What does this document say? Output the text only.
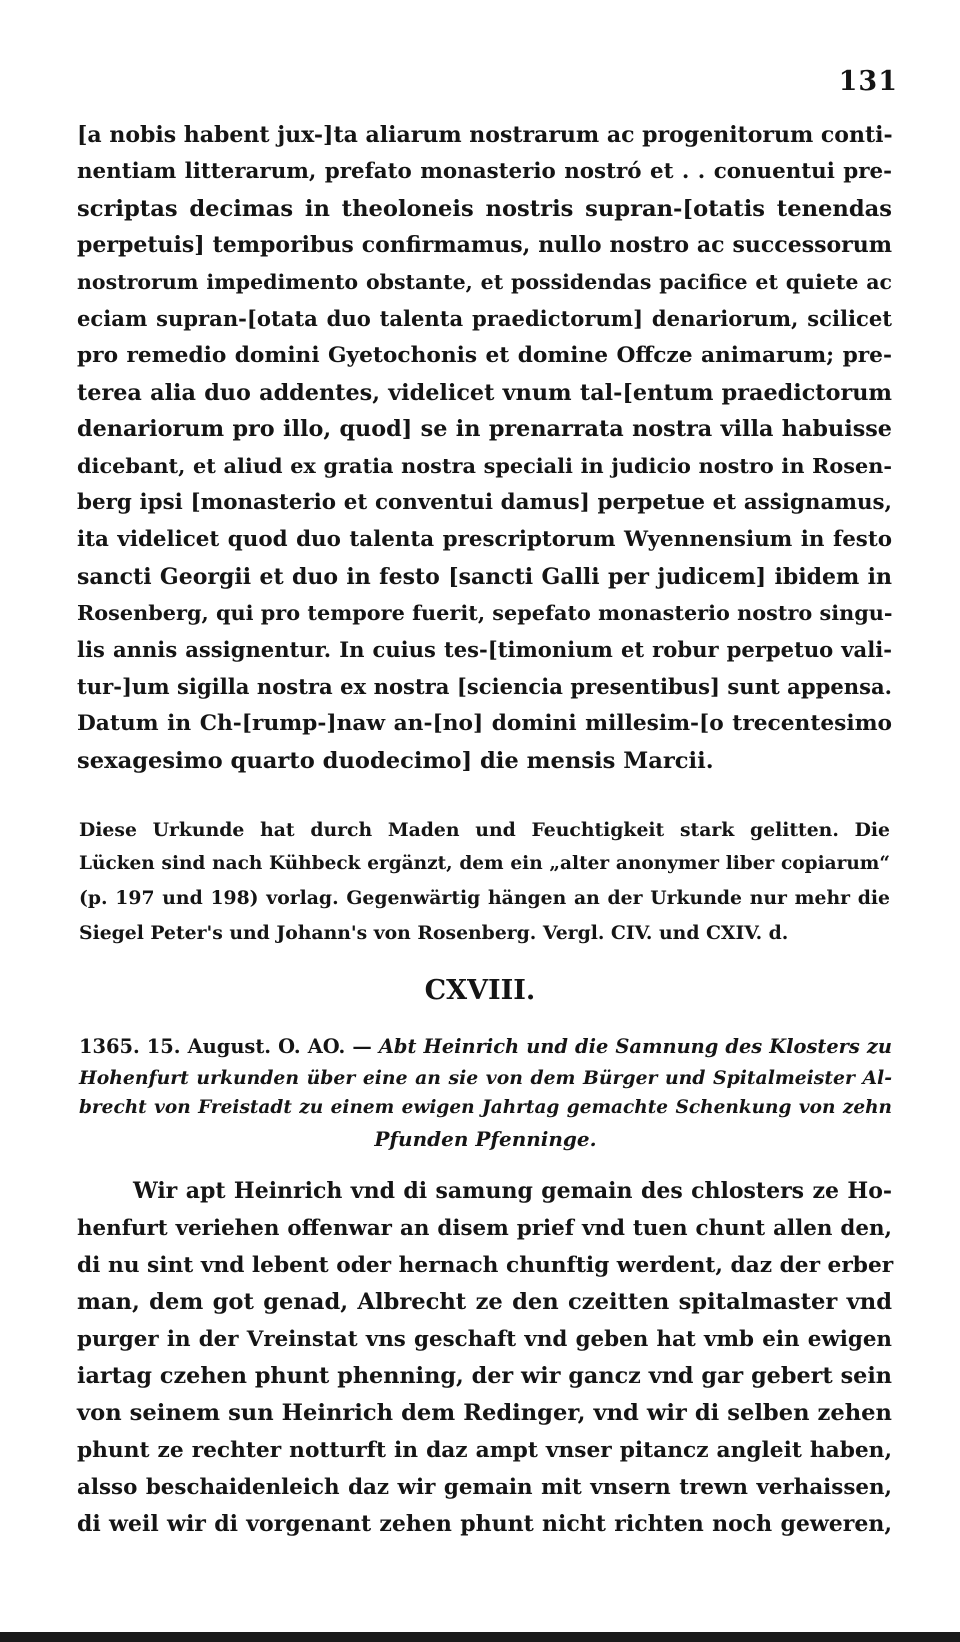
131
[a nobis habent jux-]ta aliarum nostrarum ac progenitorum conti-
nentiam litterarum, prefato monasterio nostró et . . conuentui pre-
scriptas decimas in theoloneis nostris supran-[otatis tenendas
perpetuis] temporibus confirmamus, nullo nostro ac successorum
nostrorum impedimento obstante, et possidendas pacifice et quiete ac
eciam supran-[otata duo talenta praedictorum] denariorum, scilicet
pro remedio domini Gyetochonis et domine Offcze animarum; pre-
terea alia duo addentes, videlicet vnum tal-[entum praedictorum
denariorum pro illo, quod] se in prenarrata nostra villa habuisse
dicebant, et aliud ex gratia nostra speciali in judicio nostro in Rosen-
berg ipsi [monasterio et conventui damus] perpetue et assignamus,
ita videlicet quod duo talenta prescriptorum Wyennensium in festo
sancti Georgii et duo in festo [sancti Galli per judicem] ibidem in
Rosenberg, qui pro tempore fuerit, sepefato monasterio nostro singu-
lis annis assignentur. In cuius tes-[timonium et robur perpetuo vali-
tur-]um sigilla nostra ex nostra [sciencia presentibus] sunt appensa.
Datum in Ch-[rump-]naw an-[no] domini millesim-[o trecentesimo
sexagesimo quarto duodecimo] die mensis Marcii.
Diese Urkunde hat durch Maden und Feuchtigkeit stark gelitten. Die
Lücken sind nach Kühbeck ergänzt, dem ein „alter anonymer liber copiarum“
(p. 197 und 198) vorlag. Gegenwärtig hängen an der Urkunde nur mehr die
Siegel Peter's und Johann's von Rosenberg. Vergl. CIV. und CXIV. d.
CXVIII.
1365. 15. August. O. AO. — Abt Heinrich und die Samnung des Klosters zu
Hohenfurt urkunden über eine an sie von dem Bürger und Spitalmeister Al-
brecht von Freistadt zu einem ewigen Jahrtag gemachte Schenkung von zehn
Pfunden Pfenninge.
Wir apt Heinrich vnd di samung gemain des chlosters ze Ho-
henfurt veriehen offenwar an disem prief vnd tuen chunt allen den,
di nu sint vnd lebent oder hernach chunftig werdent, daz der erber
man, dem got genad, Albrecht ze den czeitten spitalmaster vnd
purger in der Vreinstat vns geschaft vnd geben hat vmb ein ewigen
iartag czehen phunt phenning, der wir gancz vnd gar gebert sein
von seinem sun Heinrich dem Redinger, vnd wir di selben zehen
phunt ze rechter notturft in daz ampt vnser pitancz angleit haben,
alsso beschaidenleich daz wir gemain mit vnsern trewn verhaissen,
di weil wir di vorgenant zehen phunt nicht richten noch geweren,
